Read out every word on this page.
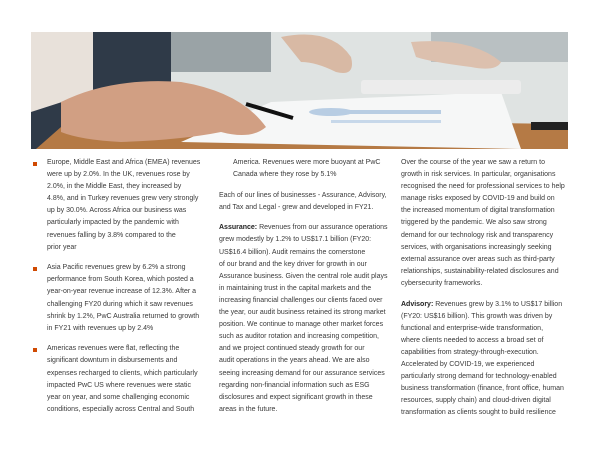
Europe, Middle East and Africa (EMEA) revenues
were up by 2.0%. In the UK, revenues rose by
2.0%, in the Middle East, they increased by
4.8%, and in Turkey revenues grew very strongly
up by 30.0%. Across Africa our business was
particularly impacted by the pandemic with
revenues falling by 3.8% compared to the
prior year
Asia Pacific revenues grew by 6.2% a strong
performance from South Korea, which posted a
year-on-year revenue increase of 12.3%. After a
challenging FY20 during which it saw revenues
shrink by 1.2%, PwC Australia returned to growth
in FY21 with revenues up by 2.4%
Americas revenues were flat, reflecting the
significant downturn in disbursements and
expenses recharged to clients, which particularly
impacted PwC US where revenues were static
year on year, and some challenging economic
conditions, especially across Central and South
America. Revenues were more buoyant at PwC
Canada where they rose by 5.1%
Each of our lines of businesses - Assurance, Advisory,
and Tax and Legal - grew and developed in FY21.
Assurance: Revenues from our assurance operations
grew modestly by 1.2% to US$17.1 billion (FY20:
US$16.4 billion). Audit remains the cornerstone
of our brand and the key driver for growth in our
Assurance business. Given the central role audit plays
in maintaining trust in the capital markets and the
increasing financial challenges our clients faced over
the year, our audit business retained its strong market
position. We continue to manage other market forces
such as auditor rotation and increasing competition,
and we project continued steady growth for our
audit operations in the years ahead. We are also
seeing increasing demand for our assurance services
regarding non-financial information such as ESG
disclosures and expect significant growth in these
areas in the future.
Over the course of the year we saw a return to
growth in risk services. In particular, organisations
recognised the need for professional services to help
manage risks exposed by COVID-19 and build on
the increased momentum of digital transformation
triggered by the pandemic. We also saw strong
demand for our technology risk and transparency
services, with organisations increasingly seeking
external assurance over areas such as third-party
relationships, sustainability-related disclosures and
cybersecurity frameworks.
Advisory: Revenues grew by 3.1% to US$17 billion
(FY20: US$16 billion). This growth was driven by
functional and enterprise-wide transformation,
where clients needed to access a broad set of
capabilities from strategy-through-execution.
Accelerated by COVID-19, we experienced
particularly strong demand for technology-enabled
business transformation (finance, front office, human
resources, supply chain) and cloud-driven digital
transformation as clients sought to build resilience
